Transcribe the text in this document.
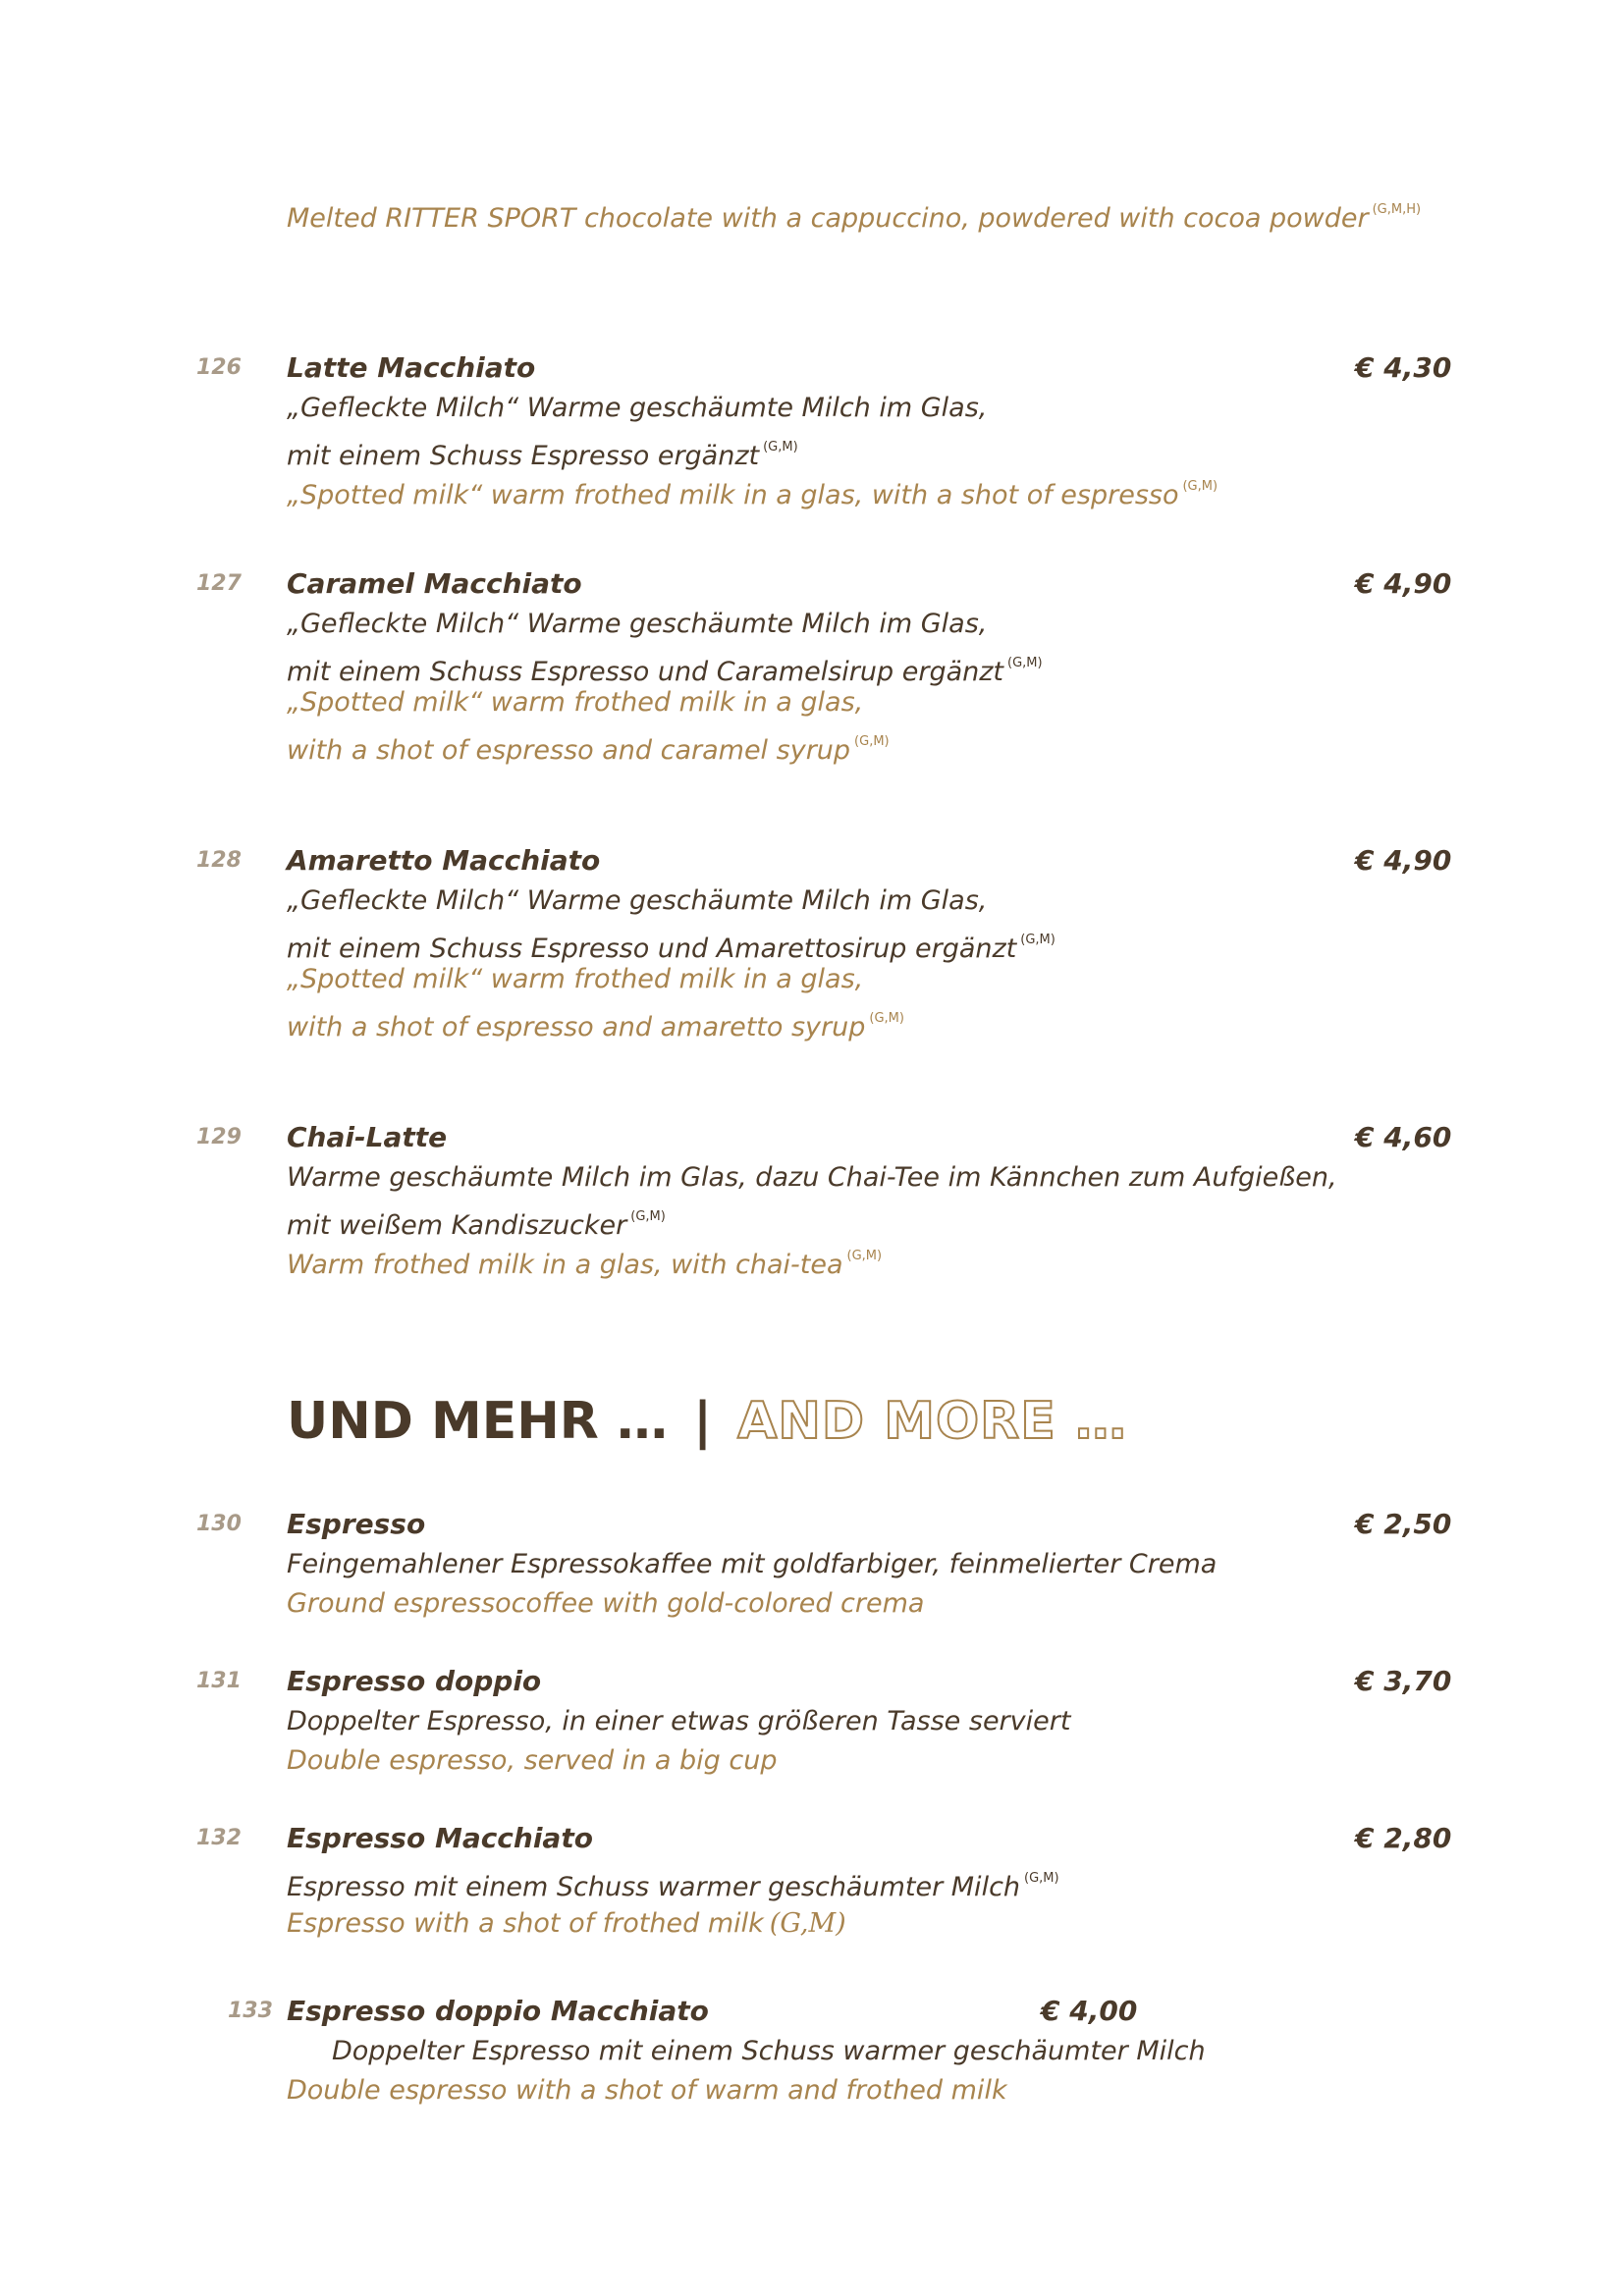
Melted RITTER SPORT chocolate with a cappuccino, powdered with cocoa powder $^{(G,M,H)}$
126 Latte Macchiato	€ 4,30
„Gefleckte Milch“ Warme geschäumte Milch im Glas,
mit einem Schuss Espresso ergänzt $^{(G,M)}$
„Spotted milk“ warm frothed milk in a glas, with a shot of espresso $^{(G,M)}$
127 Caramel Macchiato	€ 4,90
„Gefleckte Milch“ Warme geschäumte Milch im Glas,
mit einem Schuss Espresso und Caramelsirup ergänzt $^{(G,M)}$
„Spotted milk“ warm frothed milk in a glas,
with a shot of espresso and caramel syrup $^{(G,M)}$
128 Amaretto Macchiato	€ 4,90
„Gefleckte Milch“ Warme geschäumte Milch im Glas,
mit einem Schuss Espresso und Amarettosirup ergänzt $^{(G,M)}$
„Spotted milk“ warm frothed milk in a glas,
with a shot of espresso and amaretto syrup $^{(G,M)}$
129 Chai-Latte	€ 4,60
Warme geschäumte Milch im Glas, dazu Chai-Tee im Kännchen zum Aufgießen,
mit weißem Kandiszucker $^{(G,M)}$
Warm frothed milk in a glas, with chai-tea $^{(G,M)}$
UND MEHR … | AND MORE …
130 Espresso	€ 2,50
Feingemahlener Espressokaffee mit goldfarbiger, feinmelierter Crema
Ground espressocoffee with gold-colored crema
131 Espresso doppio	€ 3,70
Doppelter Espresso, in einer etwas größeren Tasse serviert
Double espresso, served in a big cup
132 Espresso Macchiato	€ 2,80
Espresso mit einem Schuss warmer geschäumter Milch $^{(G,M)}$
Espresso with a shot of frothed milk (G,M)
133 Espresso doppio Macchiato	€ 4,00
Doppelter Espresso mit einem Schuss warmer geschäumter Milch
Double espresso with a shot of warm and frothed milk
